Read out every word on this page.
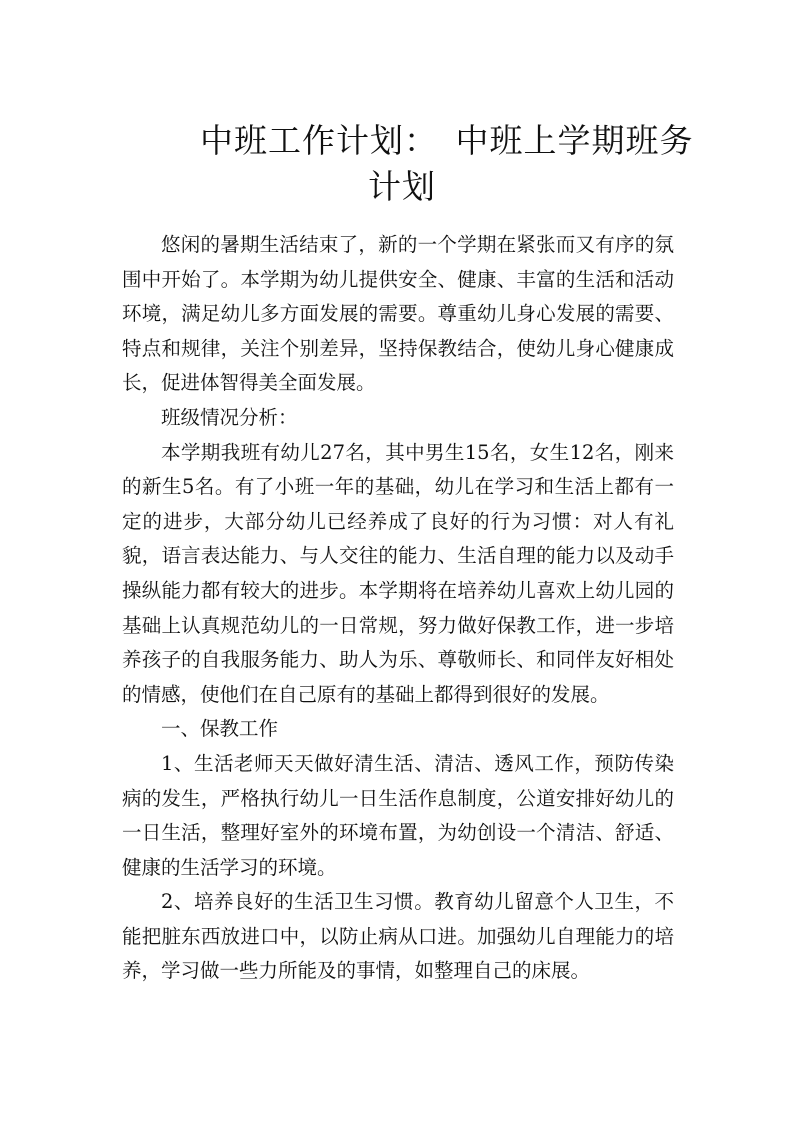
中班工作计划：　中班上学期班务
计划

悠闲的暑期生活结束了，新的一个学期在紧张而又有序的氛围中开始了。本学期为幼儿提供安全、健康、丰富的生活和活动环境，满足幼儿多方面发展的需要。尊重幼儿身心发展的需要、特点和规律，关注个别差异，坚持保教结合，使幼儿身心健康成长，促进体智得美全面发展。

班级情况分析：

本学期我班有幼儿27名，其中男生15名，女生12名，刚来的新生5名。有了小班一年的基础，幼儿在学习和生活上都有一定的进步，大部分幼儿已经养成了良好的行为习惯：对人有礼貌，语言表达能力、与人交往的能力、生活自理的能力以及动手操纵能力都有较大的进步。本学期将在培养幼儿喜欢上幼儿园的基础上认真规范幼儿的一日常规，努力做好保教工作，进一步培养孩子的自我服务能力、助人为乐、尊敬师长、和同伴友好相处的情感，使他们在自己原有的基础上都得到很好的发展。

一、保教工作

1、生活老师天天做好清生活、清洁、透风工作，预防传染病的发生，严格执行幼儿一日生活作息制度，公道安排好幼儿的一日生活，整理好室外的环境布置，为幼创设一个清洁、舒适、健康的生活学习的环境。

2、培养良好的生活卫生习惯。教育幼儿留意个人卫生，不能把脏东西放进口中，以防止病从口进。加强幼儿自理能力的培养，学习做一些力所能及的事情，如整理自己的床展。
